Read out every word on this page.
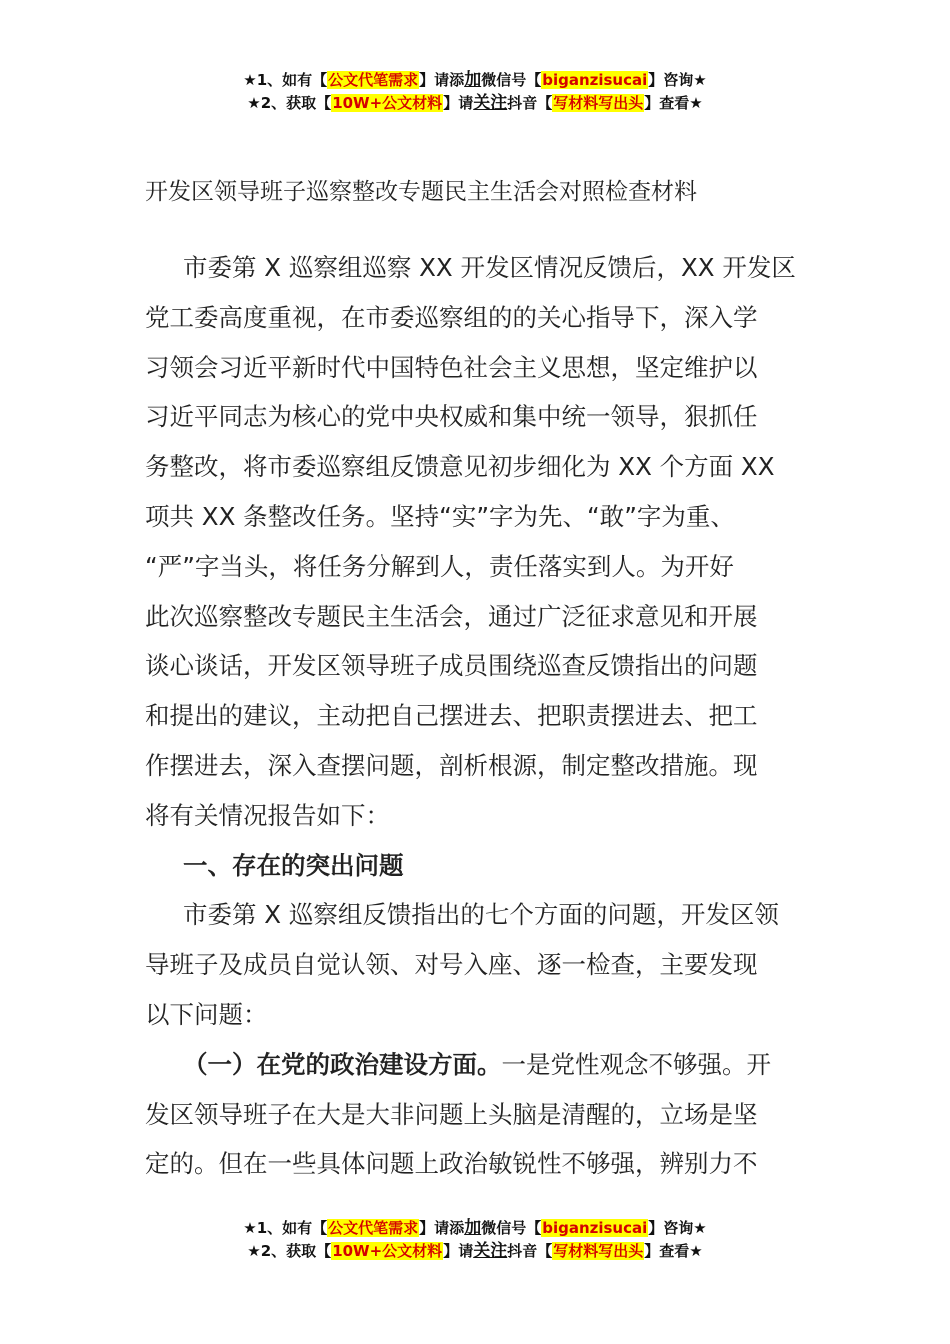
★1、如有【公文代笔需求】请添加微信号【biganzisucai】咨询★
★2、获取【10W+公文材料】请关注抖音【写材料写出头】查看★
开发区领导班子巡察整改专题民主生活会对照检查材料
市委第 X 巡察组巡察 XX 开发区情况反馈后，XX 开发区
党工委高度重视，在市委巡察组的的关心指导下，深入学
习领会习近平新时代中国特色社会主义思想，坚定维护以
习近平同志为核心的党中央权威和集中统一领导，狠抓任
务整改，将市委巡察组反馈意见初步细化为 XX 个方面 XX
项共 XX 条整改任务。坚持“实”字为先、“敢”字为重、
“严”字当头，将任务分解到人，责任落实到人。为开好
此次巡察整改专题民主生活会，通过广泛征求意见和开展
谈心谈话，开发区领导班子成员围绕巡查反馈指出的问题
和提出的建议，主动把自己摆进去、把职责摆进去、把工
作摆进去，深入查摆问题，剖析根源，制定整改措施。现
将有关情况报告如下：
一、存在的突出问题
市委第 X 巡察组反馈指出的七个方面的问题，开发区领
导班子及成员自觉认领、对号入座、逐一检查，主要发现
以下问题：
（一）在党的政治建设方面。一是党性观念不够强。开
发区领导班子在大是大非问题上头脑是清醒的，立场是坚
定的。但在一些具体问题上政治敏锐性不够强，辨别力不
★1、如有【公文代笔需求】请添加微信号【biganzisucai】咨询★
★2、获取【10W+公文材料】请关注抖音【写材料写出头】查看★
